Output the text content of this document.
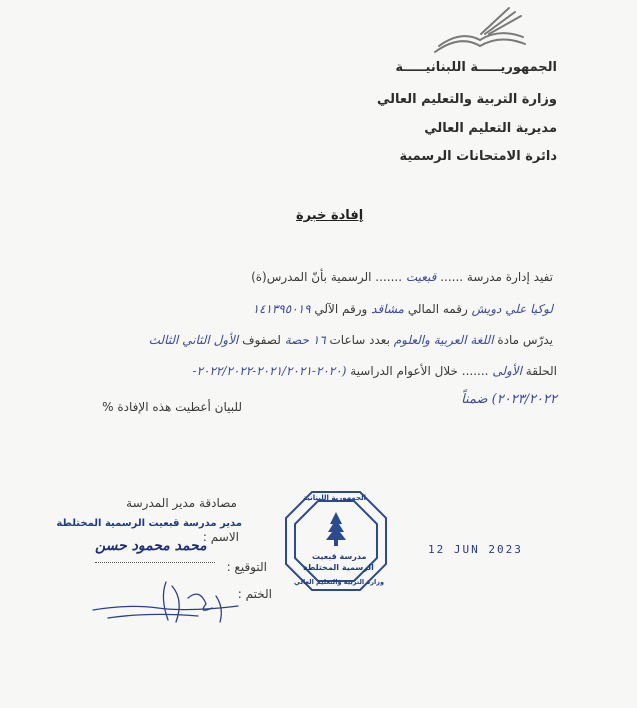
الجمهوريـــــة اللبنانيـــــة
وزارة التربية والتعليم العالي
مديرية التعليم العالي
دائرة الامتحانات الرسمية
إفادة خبرة
تفيد إدارة مدرسة ...... قبعيت ....... الرسمية بأنّ المدرس(ة)
لوكيا علي دويش رقمه المالي مشاقد ورقم الآلي ١٤١٣٩٥٠١٩
يدرّس مادة اللغة العربية والعلوم بعدد ساعات ١٦ حصة لصفوف الأول الثاني الثالث
الحلقة الأولى ....... خلال الأعوام الدراسية (٢٠٢٠-٢٠٢١/٢٠٢١-٢٠٢٢/٢٠٢٢-
٢٠٢٣/٢٠٢٢) ضمناً
للبيان أعطيت هذه الإفادة %
مصادقة مدير المدرسة
مدير مدرسة قبعيت الرسمية المختلطة
الاسم :
محمد محمود حسن
التوقيع :
الختم :
الجمهورية اللبنانية
مدرسة قبعيت
الرسمية المختلطة
وزارة التربية والتعليم العالي
12 JUN 2023
